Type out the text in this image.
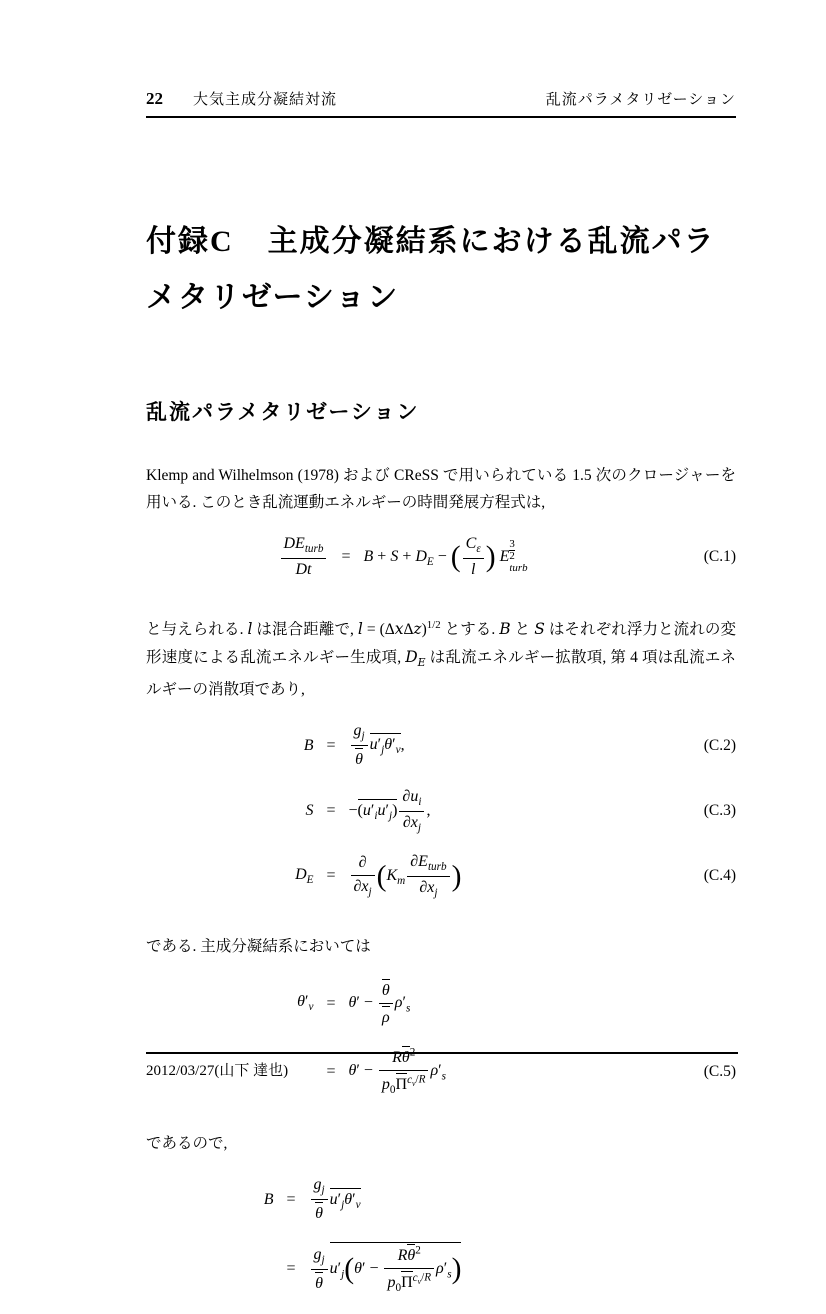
22 大気主成分凝結対流	乱流パラメタリゼーション
付録C 主成分凝結系における乱流パラメタリゼーション
乱流パラメタリゼーション
Klemp and Wilhelmson (1978) および CReSS で用いられている 1.5 次のクロージャーを用いる. このとき乱流運動エネルギーの時間発展方程式は,
$DE_{turb}$
Dt
= $B + S + D_E$ − ( $\frac{C_\varepsilon}{l}$ ) E
3
2
turb
(C.1)
と与えられる. l は混合距離で, $l = (\Delta x\Delta z)^{1/2}$ とする. B と S はそれぞれ浮力と流れの変形速度による乱流エネルギー生成項, $D_E$ は乱流エネルギー拡散項, 第 4 項は乱流エネルギーの消散項であり,
$B = \frac{g_j}{\theta} u'_j\theta'_v$,	(C.2)
$S = -(u'_iu'_j) \frac{\partial u_i}{\partial x_j}$ ,	(C.3)
$D_E$ =
∂
$\partial x_j$ ($K_m$
$\partial E_{turb}$
$\partial x_j$
)	(C.4)
である. 主成分凝結系においては
$\theta'_v = \theta' - \frac{\theta}{\rho} \rho'_s$
= θ′ −
$R\theta^2$
$p_0\Pi^{c_v/R}$
$\rho'_s$	(C.5)
であるので,
$B = \frac{g_j}{\theta} u'_j\theta'_v$
= $\frac{g_j}{\theta} u'_j(\theta'$ −
$R\theta^2$
$p_0\Pi^{c_v/R}$
$\rho'_s$)
2012/03/27(山下 達也)
